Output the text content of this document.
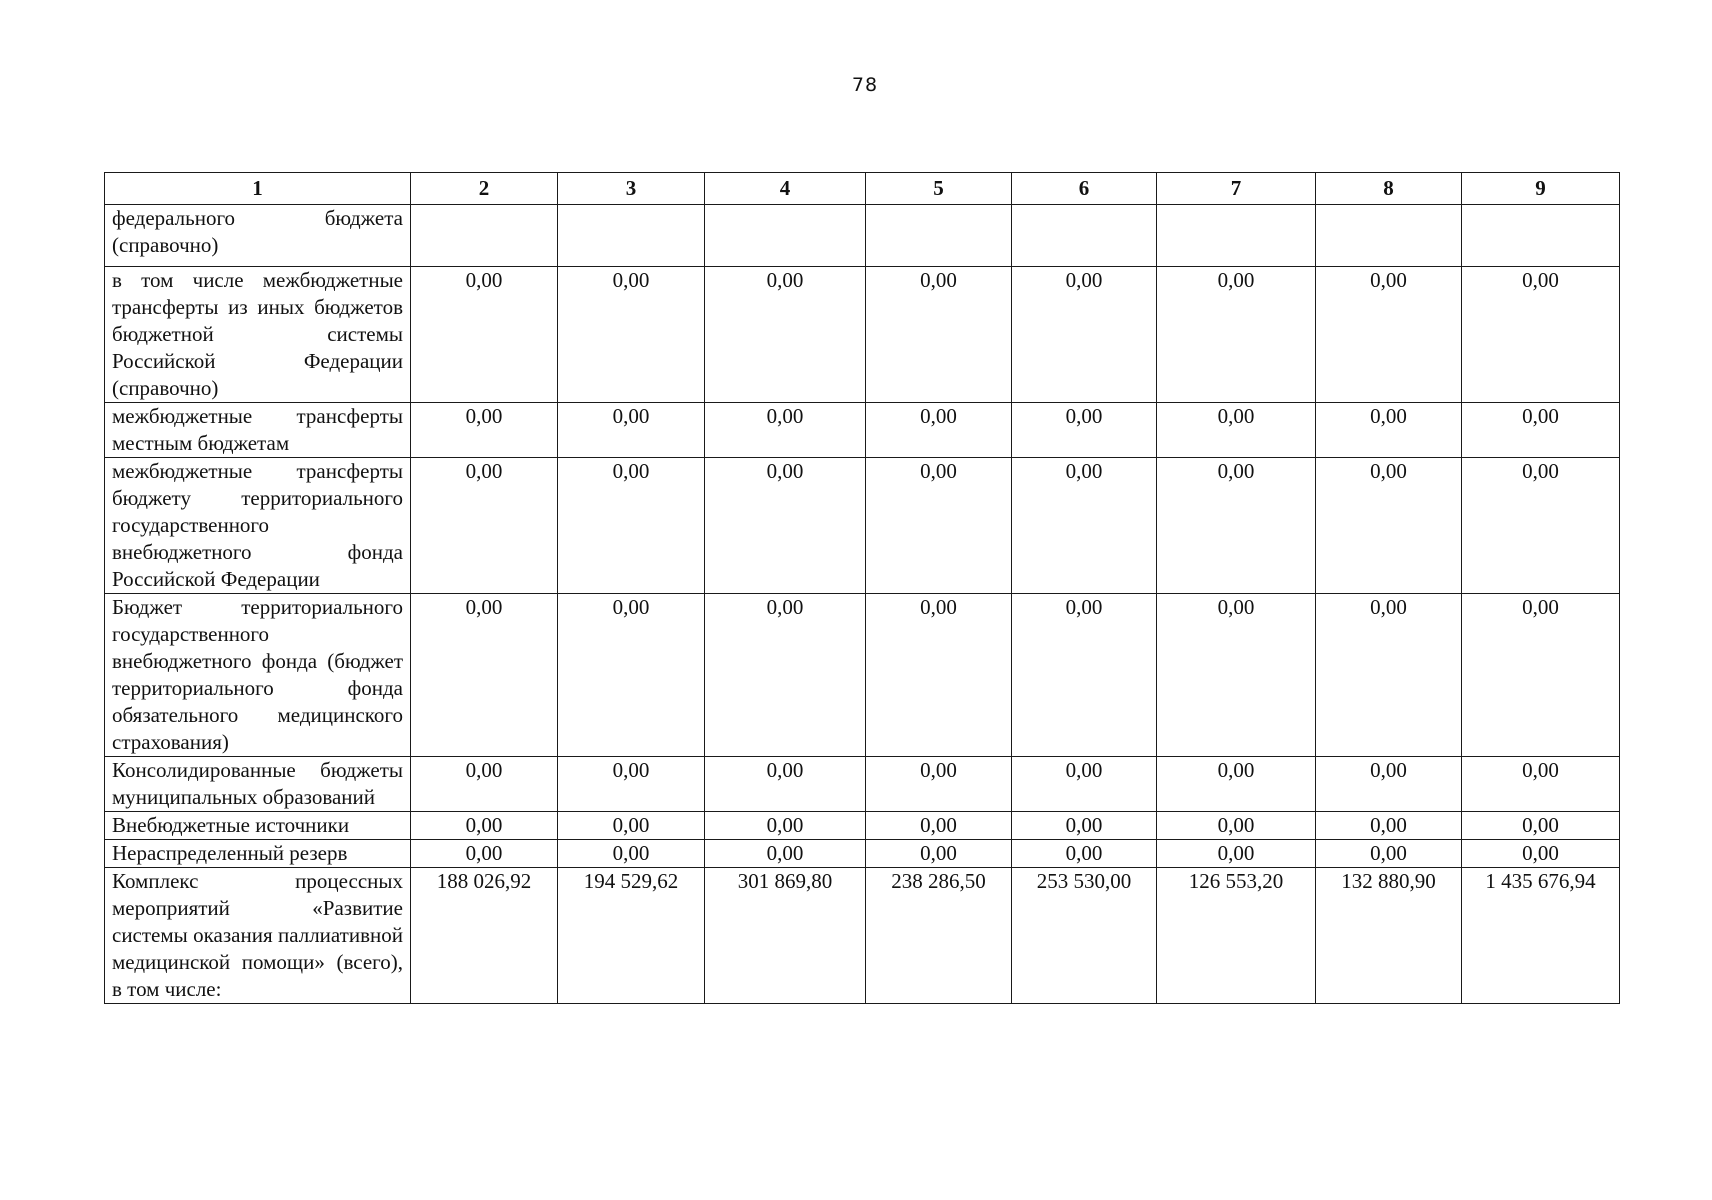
78
1	2	3	4	5	6	7	8	9
федерального бюджета (справочно)								
в том числе межбюджетные трансферты из иных бюджетов бюджетной системы Российской Федерации (справочно)	0,00	0,00	0,00	0,00	0,00	0,00	0,00	0,00
межбюджетные трансферты местным бюджетам	0,00	0,00	0,00	0,00	0,00	0,00	0,00	0,00
межбюджетные трансферты бюджету территориального государственного внебюджетного фонда Российской Федерации	0,00	0,00	0,00	0,00	0,00	0,00	0,00	0,00
Бюджет территориального государственного внебюджетного фонда (бюджет территориального фонда обязательного медицинского страхования)	0,00	0,00	0,00	0,00	0,00	0,00	0,00	0,00
Консолидированные бюджеты муниципальных образований	0,00	0,00	0,00	0,00	0,00	0,00	0,00	0,00
Внебюджетные источники	0,00	0,00	0,00	0,00	0,00	0,00	0,00	0,00
Нераспределенный резерв	0,00	0,00	0,00	0,00	0,00	0,00	0,00	0,00
Комплекс процессных мероприятий «Развитие системы оказания паллиативной медицинской помощи» (всего), в том числе:	188 026,92	194 529,62	301 869,80	238 286,50	253 530,00	126 553,20	132 880,90	1 435 676,94
